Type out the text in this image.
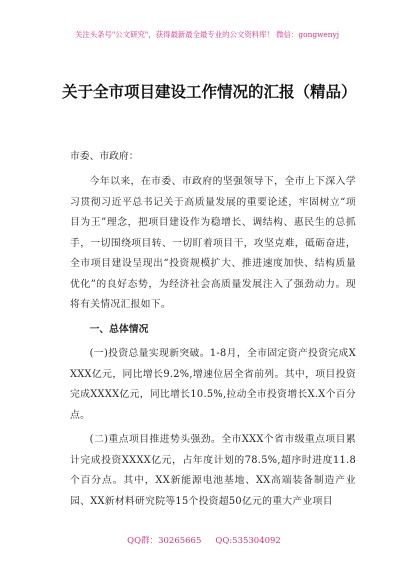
关注头条号"公文研究"，获得最新最全最专业的公文资料库！ 微信：gongwenyj
关于全市项目建设工作情况的汇报（精品）

市委、市政府：

今年以来，在市委、市政府的坚强领导下，全市上下深入学习贯彻习近平总书记关于高质量发展的重要论述，牢固树立“项目为王”理念，把项目建设作为稳增长、调结构、惠民生的总抓手，一切围绕项目转、一切盯着项目干，攻坚克难，砥砺奋进，全市项目建设呈现出“投资规模扩大、推进速度加快、结构质量优化”的良好态势，为经济社会高质量发展注入了强劲动力。现将有关情况汇报如下。

一、总体情况

(一)投资总量实现新突破。1-8月，全市固定资产投资完成XXXX亿元，同比增长9.2%,增速位居全省前列。其中，项目投资完成XXXX亿元，同比增长10.5%,拉动全市投资增长X.X个百分点。

(二)重点项目推进势头强劲。全市XXX个省市级重点项目累计完成投资XXXX亿元，占年度计划的78.5%,超序时进度11.8个百分点。其中，XX新能源电池基地、XX高端装备制造产业园、XX新材料研究院等15个投资超50亿元的重大产业项目

QQ群：30265665 QQ:535304092
